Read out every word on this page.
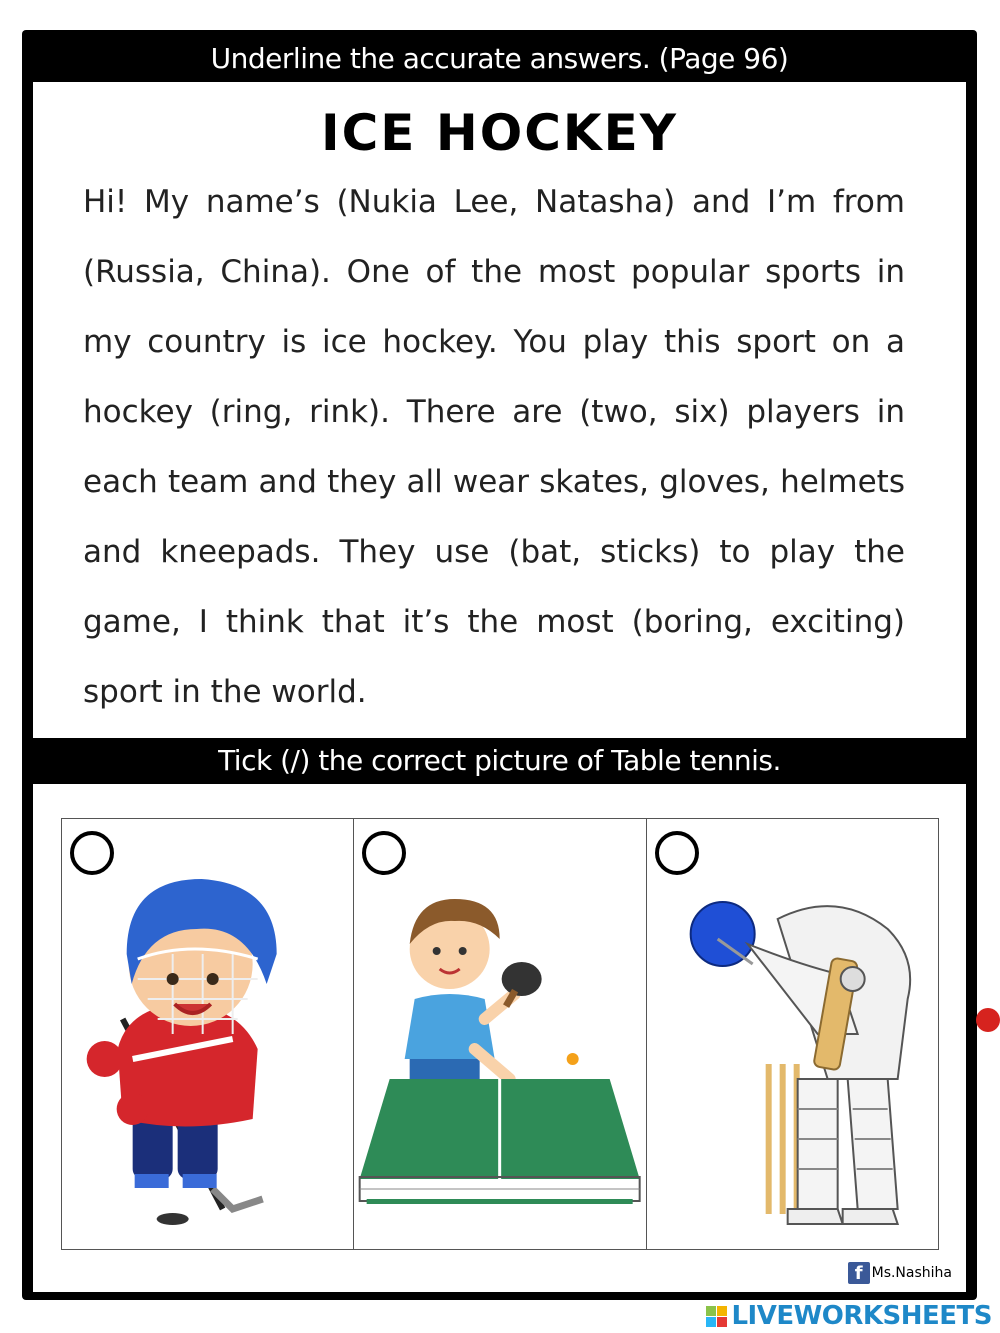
Underline the accurate answers. (Page 96)
ICE HOCKEY
Hi! My name’s (Nukia Lee, Natasha) and I’m from (Russia, China). One of the most popular sports in my country is ice hockey. You play this sport on a hockey (ring, rink). There are (two, six) players in each team and they all wear skates, gloves, helmets and kneepads. They use (bat, sticks) to play the game, I think that it’s the most (boring, exciting) sport in the world.
Tick (/) the correct picture of Table tennis.
f Ms.Nashiha
LIVEWORKSHEETS
